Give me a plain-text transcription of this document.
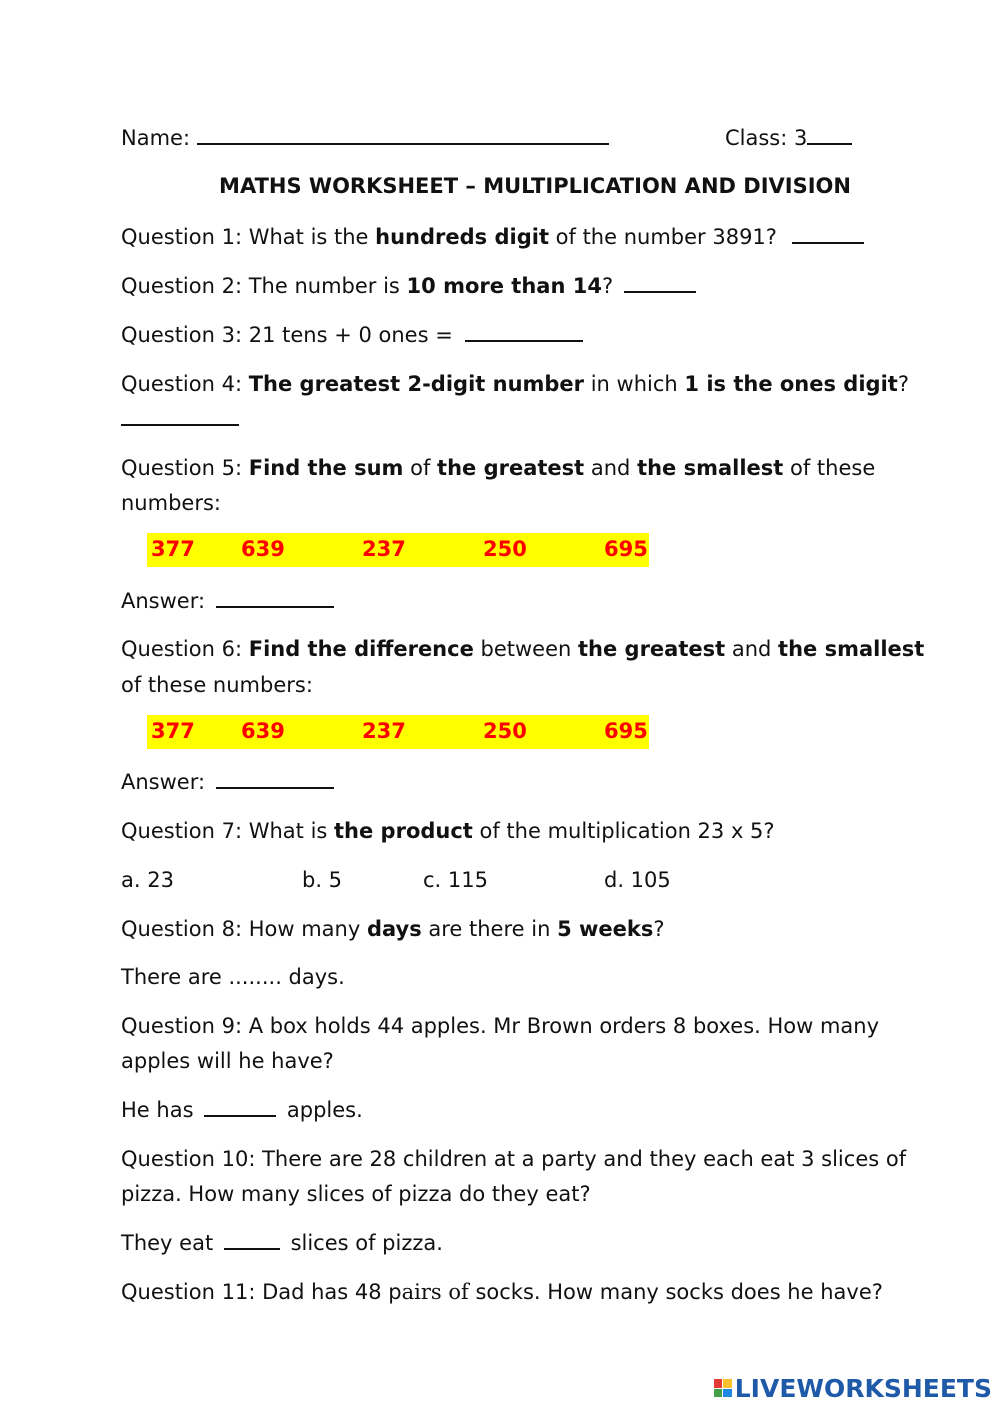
Name:	Class: 3
MATHS WORKSHEET – MULTIPLICATION AND DIVISION
Question 1: What is the hundreds digit of the number 3891?
Question 2: The number is 10 more than 14?
Question 3: 21 tens + 0 ones =
Question 4: The greatest 2-digit number in which 1 is the ones digit?
Question 5: Find the sum of the greatest and the smallest of these
numbers:
377 639	237	250	695
Answer:
Question 6: Find the difference between the greatest and the smallest
of these numbers:
377 639	237	250	695
Answer:
Question 7: What is the product of the multiplication 23 x 5?
a. 23	b. 5	c. 115	d. 105
Question 8: How many days are there in 5 weeks?
There are ........ days.
Question 9: A box holds 44 apples. Mr Brown orders 8 boxes. How many
apples will he have?
He has	apples.
Question 10: There are 28 children at a party and they each eat 3 slices of
pizza. How many slices of pizza do they eat?
They eat	slices of pizza.
Question 11: Dad has 48 pairs of socks. How many socks does he have?
LIVEWORKSHEETS
